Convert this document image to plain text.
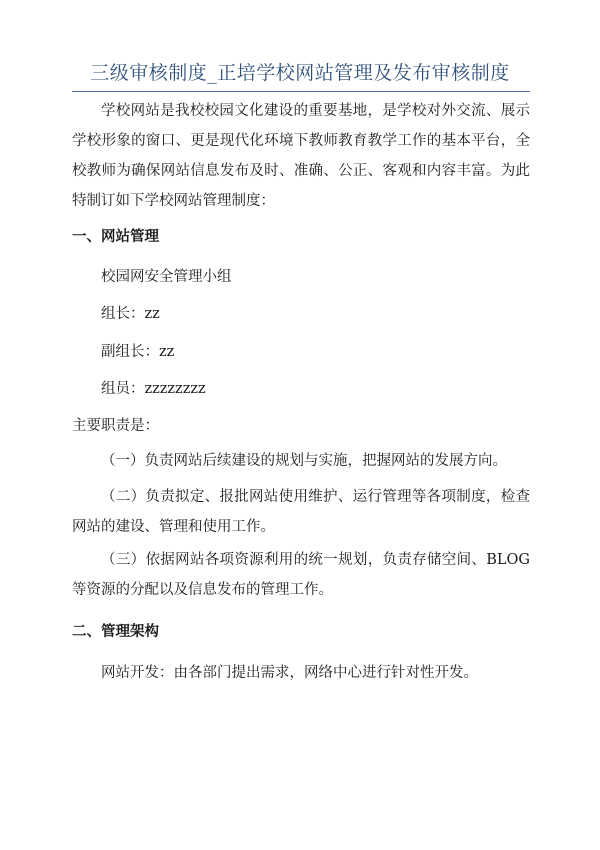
三级审核制度_正培学校网站管理及发布审核制度

学校网站是我校校园文化建设的重要基地，是学校对外交流、展示学校形象的窗口、更是现代化环境下教师教育教学工作的基本平台，全校教师为确保网站信息发布及时、准确、公正、客观和内容丰富。为此特制订如下学校网站管理制度：

一、网站管理

校园网安全管理小组

组长：zz

副组长：zz

组员：zzzzzzzz

主要职责是：

（一）负责网站后续建设的规划与实施，把握网站的发展方向。

（二）负责拟定、报批网站使用维护、运行管理等各项制度，检查网站的建设、管理和使用工作。

（三）依据网站各项资源利用的统一规划，负责存储空间、BLOG 等资源的分配以及信息发布的管理工作。

二、管理架构

网站开发：由各部门提出需求，网络中心进行针对性开发。
